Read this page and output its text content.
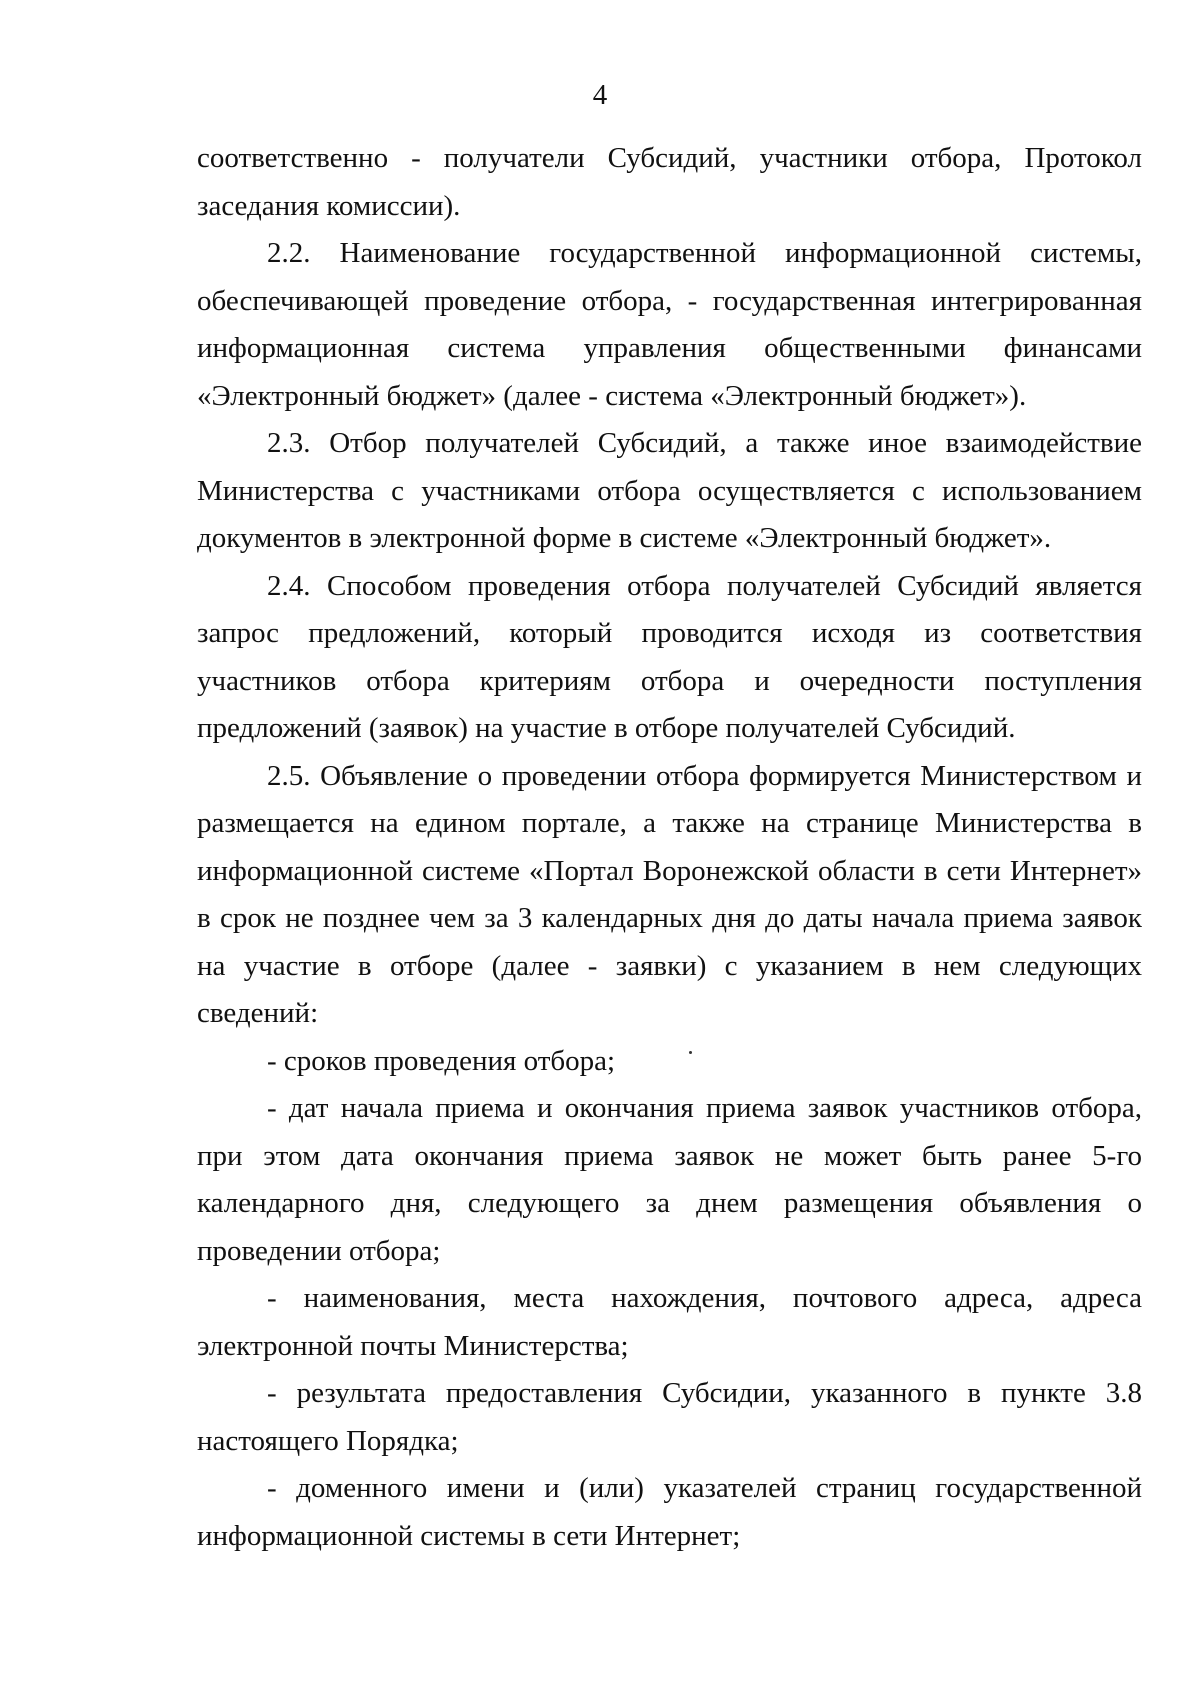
4

соответственно - получатели Субсидий, участники отбора, Протокол заседания комиссии).

2.2. Наименование государственной информационной системы, обеспечивающей проведение отбора, - государственная интегрированная информационная система управления общественными финансами «Электронный бюджет» (далее - система «Электронный бюджет»).

2.3. Отбор получателей Субсидий, а также иное взаимодействие Министерства с участниками отбора осуществляется с использованием документов в электронной форме в системе «Электронный бюджет».

2.4. Способом проведения отбора получателей Субсидий является запрос предложений, который проводится исходя из соответствия участников отбора критериям отбора и очередности поступления предложений (заявок) на участие в отборе получателей Субсидий.

2.5. Объявление о проведении отбора формируется Министерством и размещается на едином портале, а также на странице Министерства в информационной системе «Портал Воронежской области в сети Интернет» в срок не позднее чем за 3 календарных дня до даты начала приема заявок на участие в отборе (далее - заявки) с указанием в нем следующих сведений:

- сроков проведения отбора;

- дат начала приема и окончания приема заявок участников отбора, при этом дата окончания приема заявок не может быть ранее 5-го календарного дня, следующего за днем размещения объявления о проведении отбора;

- наименования, места нахождения, почтового адреса, адреса электронной почты Министерства;

- результата предоставления Субсидии, указанного в пункте 3.8 настоящего Порядка;

- доменного имени и (или) указателей страниц государственной информационной системы в сети Интернет;
